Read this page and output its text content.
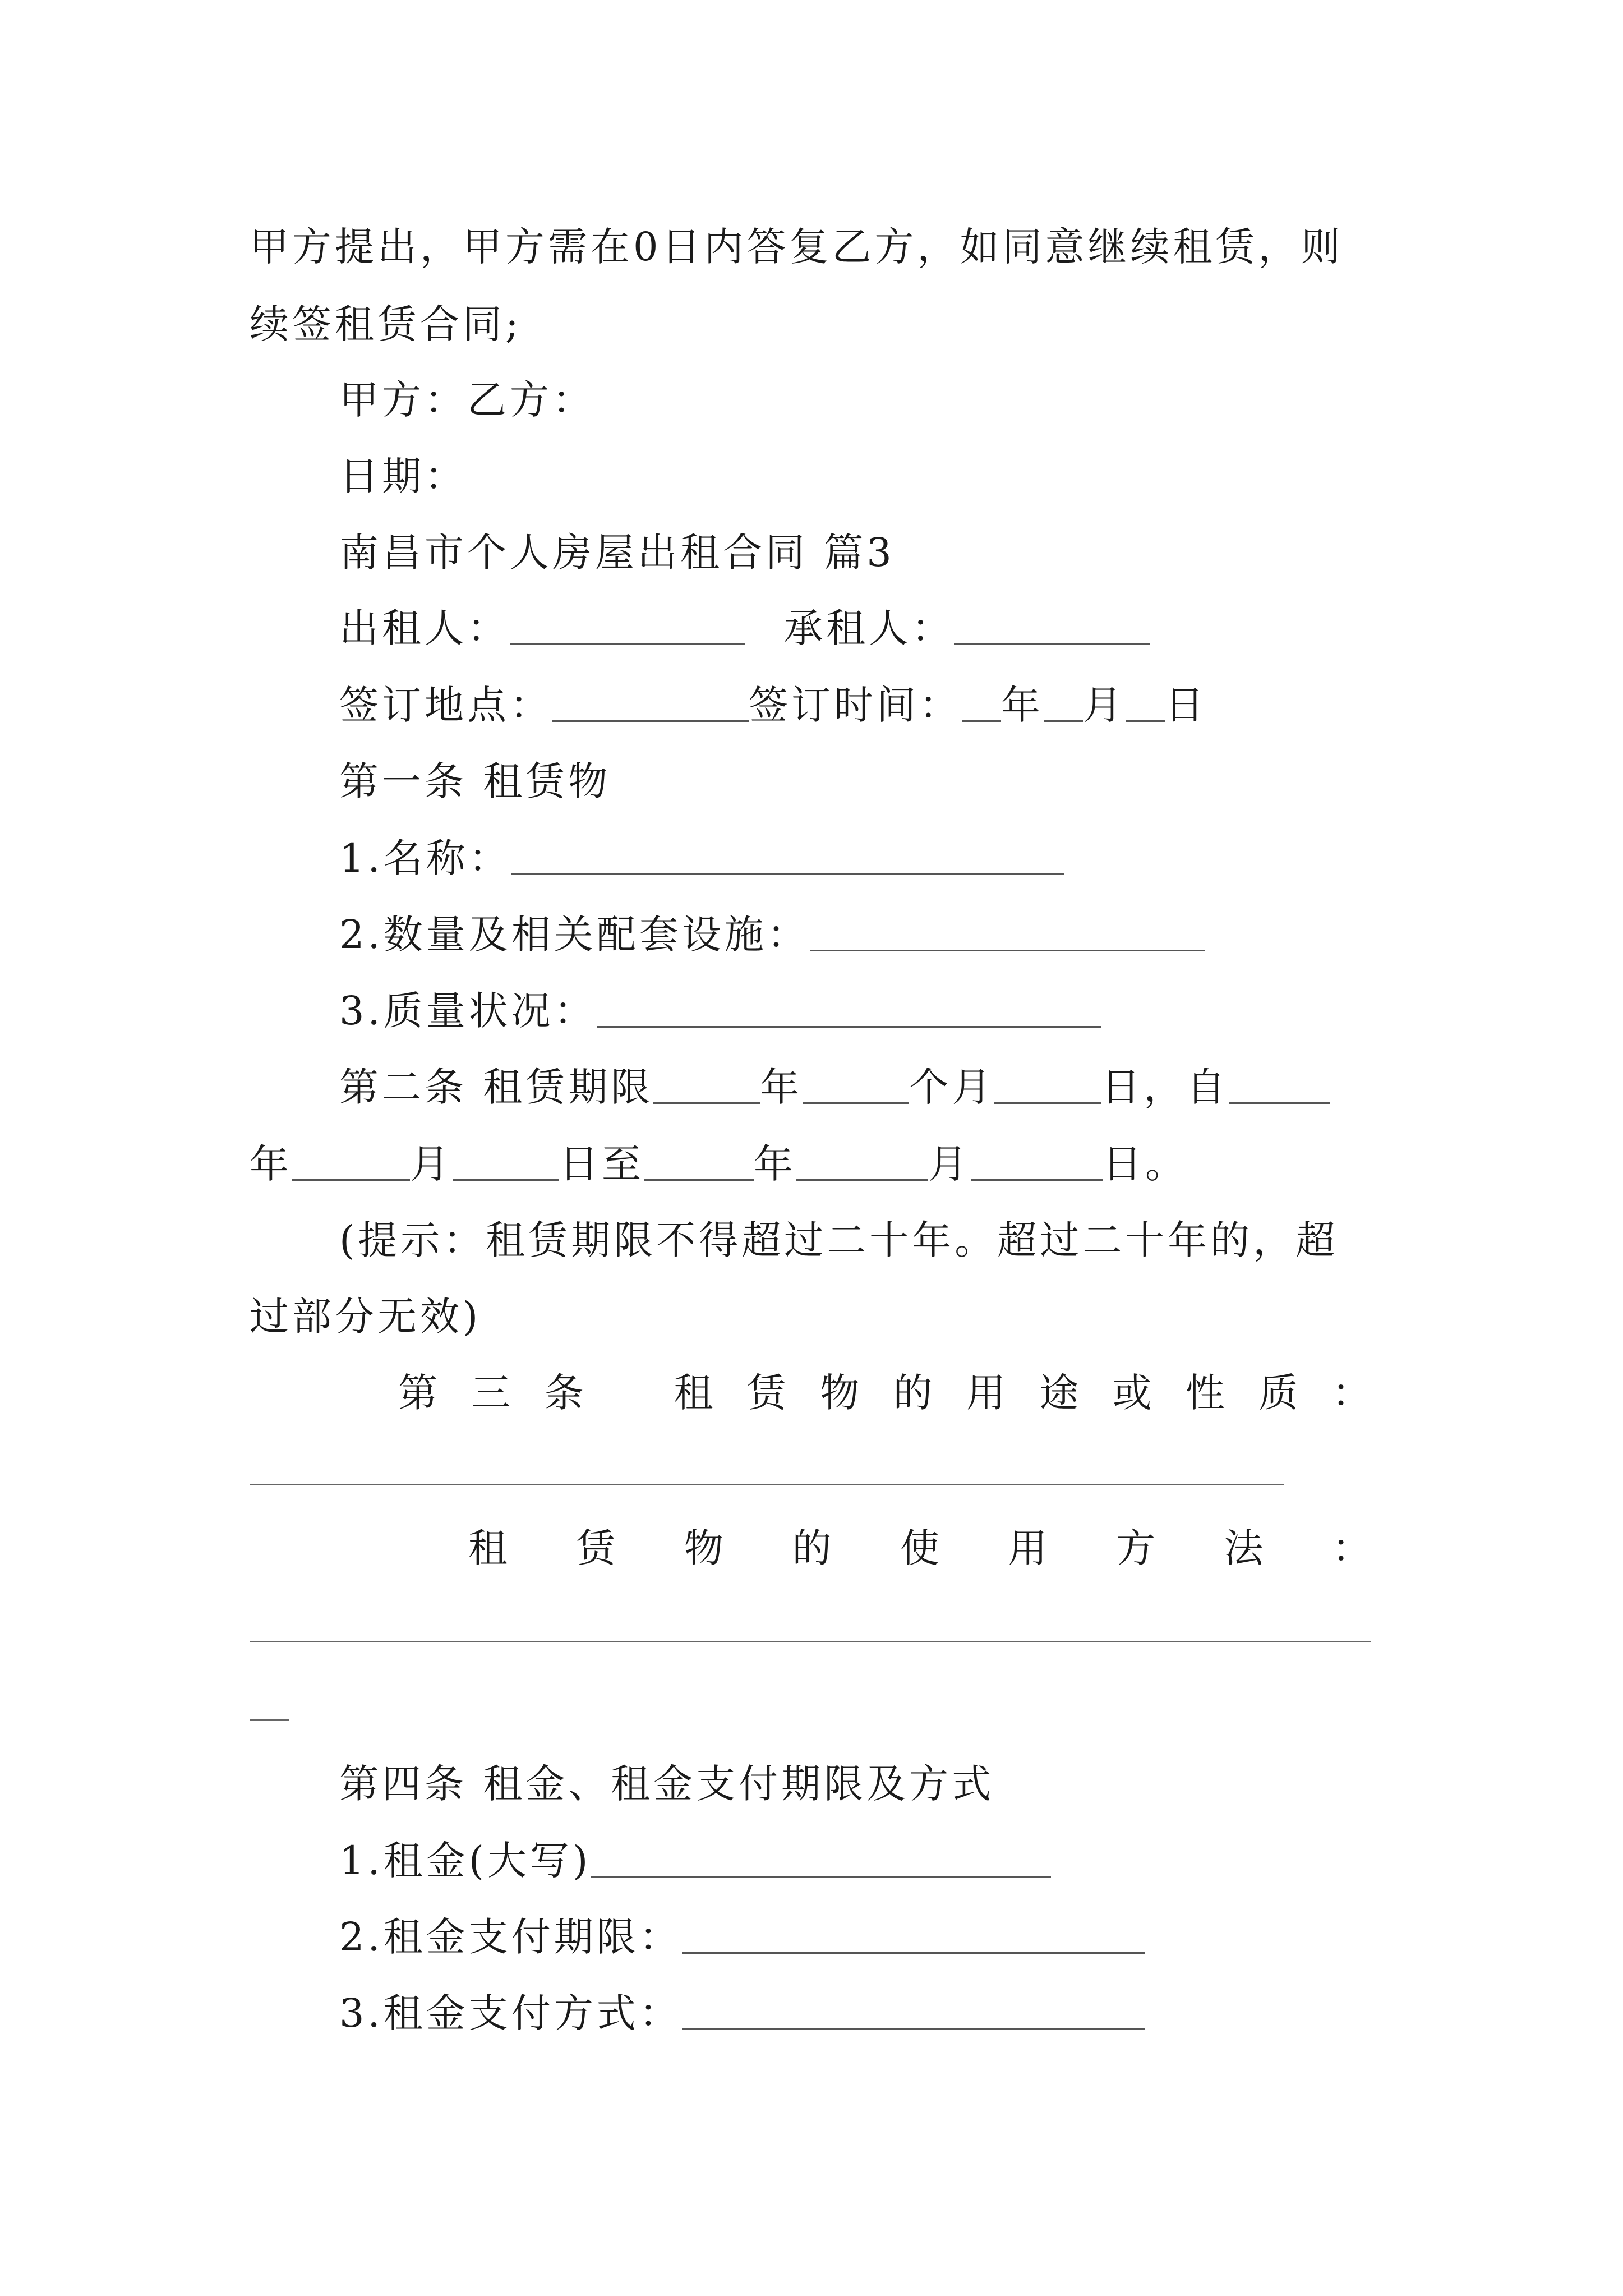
甲方提出，甲方需在0日内答复乙方，如同意继续租赁，则
续签租赁合同;
甲方：乙方：
日期：
南昌市个人房屋出租合同 篇3
出租人：	承租人：
签订地点：	签订时间： 年 月 日
第一条 租赁物
1.名称：
2.数量及相关配套设施：
3.质量状况：
第二条 租赁期限	年	个月	日，自
年	月	日至	年	月	日。
(提示：租赁期限不得超过二十年。超过二十年的，超
过部分无效)
第 三 条 租 赁 物 的 用 途 或 性 质 ：
租 赁 物 的 使 用 方 法 ：
第四条 租金、租金支付期限及方式
1.租金(大写)
2.租金支付期限：
3.租金支付方式：
